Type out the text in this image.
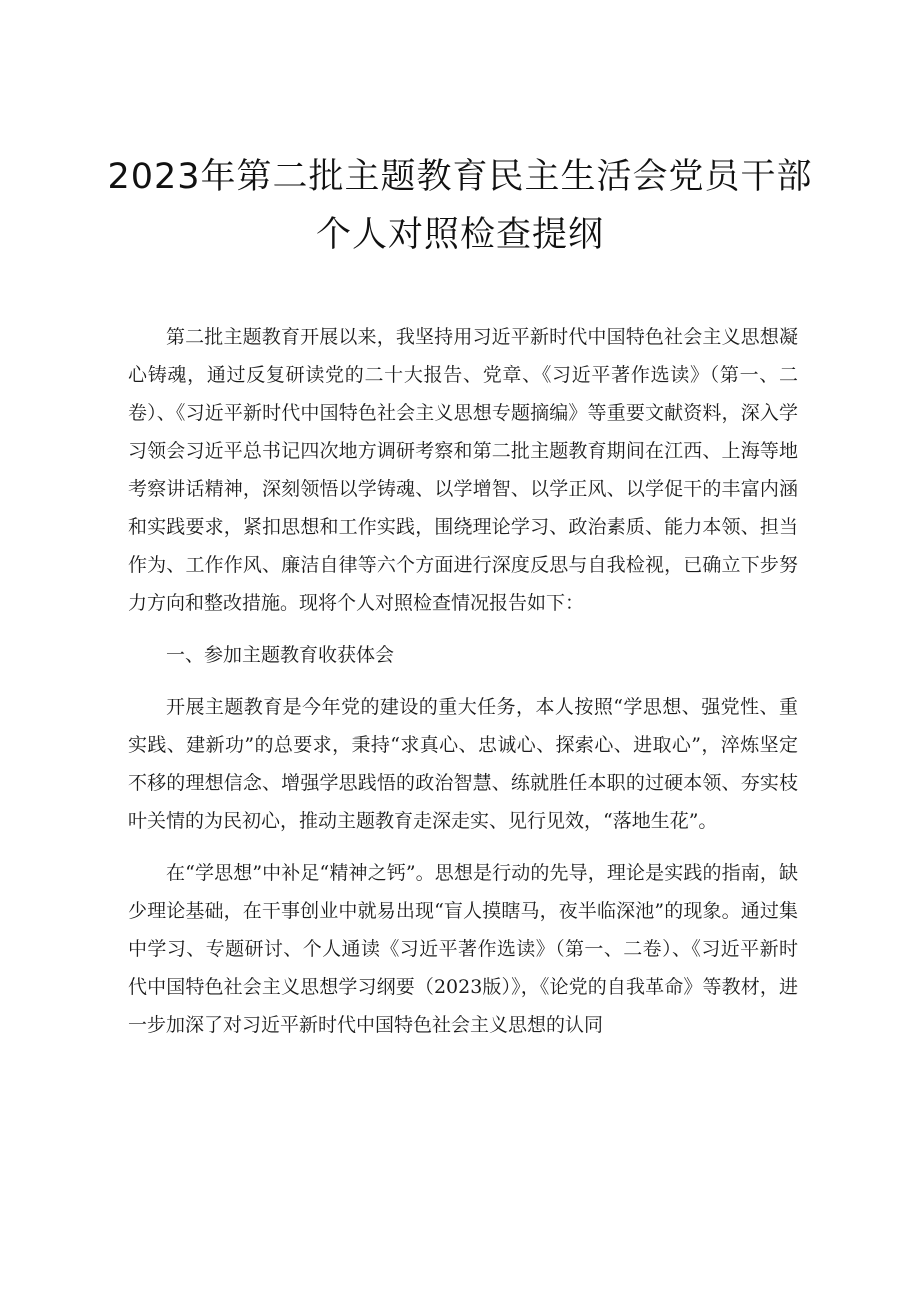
2023年第二批主题教育民主生活会党员干部
个人对照检查提纲

第二批主题教育开展以来，我坚持用习近平新时代中国特色社会主义思想凝心铸魂，通过反复研读党的二十大报告、党章、《习近平著作选读》（第一、二卷）、《习近平新时代中国特色社会主义思想专题摘编》等重要文献资料，深入学习领会习近平总书记四次地方调研考察和第二批主题教育期间在江西、上海等地考察讲话精神，深刻领悟以学铸魂、以学增智、以学正风、以学促干的丰富内涵和实践要求，紧扣思想和工作实践，围绕理论学习、政治素质、能力本领、担当作为、工作作风、廉洁自律等六个方面进行深度反思与自我检视，已确立下步努力方向和整改措施。现将个人对照检查情况报告如下：

一、参加主题教育收获体会

开展主题教育是今年党的建设的重大任务，本人按照“学思想、强党性、重实践、建新功”的总要求，秉持“求真心、忠诚心、探索心、进取心”，淬炼坚定不移的理想信念、增强学思践悟的政治智慧、练就胜任本职的过硬本领、夯实枝叶关情的为民初心，推动主题教育走深走实、见行见效，“落地生花”。

在“学思想”中补足“精神之钙”。思想是行动的先导，理论是实践的指南，缺少理论基础，在干事创业中就易出现“盲人摸瞎马，夜半临深池”的现象。通过集中学习、专题研讨、个人通读《习近平著作选读》（第一、二卷）、《习近平新时代中国特色社会主义思想学习纲要（2023版）》，《论党的自我革命》等教材，进一步加深了对习近平新时代中国特色社会主义思想的认同
